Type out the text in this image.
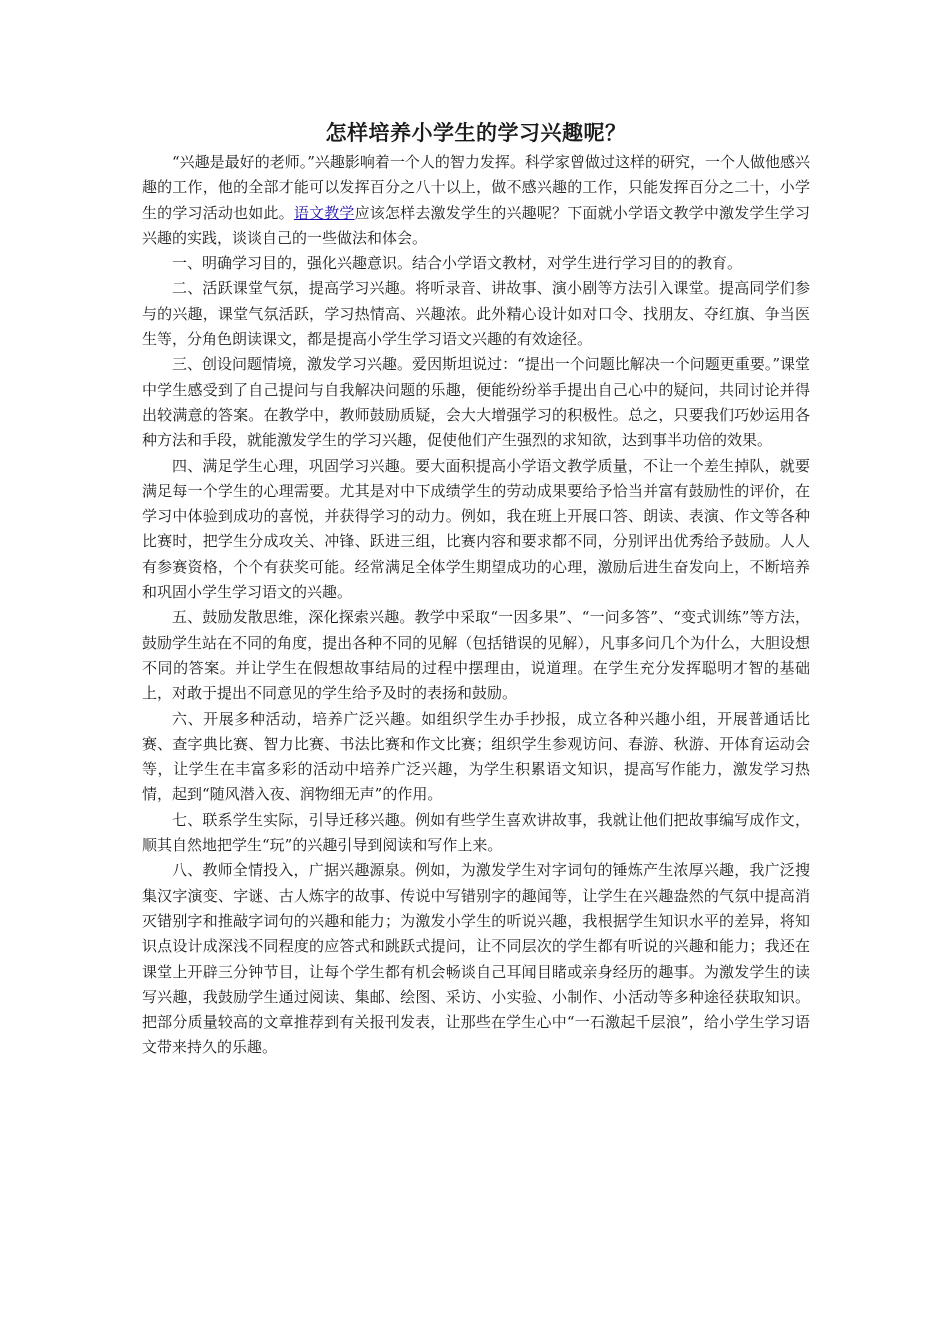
怎样培养小学生的学习兴趣呢？

“兴趣是最好的老师。”兴趣影响着一个人的智力发挥。科学家曾做过这样的研究，一个人做他感兴趣的工作，他的全部才能可以发挥百分之八十以上，做不感兴趣的工作，只能发挥百分之二十，小学生的学习活动也如此。语文教学应该怎样去激发学生的兴趣呢？下面就小学语文教学中激发学生学习兴趣的实践，谈谈自己的一些做法和体会。

一、明确学习目的，强化兴趣意识。结合小学语文教材，对学生进行学习目的的教育。

二、活跃课堂气氛，提高学习兴趣。将听录音、讲故事、演小剧等方法引入课堂。提高同学们参与的兴趣，课堂气氛活跃，学习热情高、兴趣浓。此外精心设计如对口令、找朋友、夺红旗、争当医生等，分角色朗读课文，都是提高小学生学习语文兴趣的有效途径。

三、创设问题情境，激发学习兴趣。爱因斯坦说过：“提出一个问题比解决一个问题更重要。”课堂中学生感受到了自己提问与自我解决问题的乐趣，便能纷纷举手提出自己心中的疑问，共同讨论并得出较满意的答案。在教学中，教师鼓励质疑，会大大增强学习的积极性。总之，只要我们巧妙运用各种方法和手段，就能激发学生的学习兴趣，促使他们产生强烈的求知欲，达到事半功倍的效果。

四、满足学生心理，巩固学习兴趣。要大面积提高小学语文教学质量，不让一个差生掉队，就要满足每一个学生的心理需要。尤其是对中下成绩学生的劳动成果要给予恰当并富有鼓励性的评价，在学习中体验到成功的喜悦，并获得学习的动力。例如，我在班上开展口答、朗读、表演、作文等各种比赛时，把学生分成攻关、冲锋、跃进三组，比赛内容和要求都不同，分别评出优秀给予鼓励。人人有参赛资格，个个有获奖可能。经常满足全体学生期望成功的心理，激励后进生奋发向上，不断培养和巩固小学生学习语文的兴趣。

五、鼓励发散思维，深化探索兴趣。教学中采取“一因多果”、“一问多答”、“变式训练”等方法，鼓励学生站在不同的角度，提出各种不同的见解（包括错误的见解），凡事多问几个为什么，大胆设想不同的答案。并让学生在假想故事结局的过程中摆理由，说道理。在学生充分发挥聪明才智的基础上，对敢于提出不同意见的学生给予及时的表扬和鼓励。

六、开展多种活动，培养广泛兴趣。如组织学生办手抄报，成立各种兴趣小组，开展普通话比赛、查字典比赛、智力比赛、书法比赛和作文比赛；组织学生参观访问、春游、秋游、开体育运动会等，让学生在丰富多彩的活动中培养广泛兴趣，为学生积累语文知识，提高写作能力，激发学习热情，起到“随风潜入夜、润物细无声”的作用。

七、联系学生实际，引导迁移兴趣。例如有些学生喜欢讲故事，我就让他们把故事编写成作文，顺其自然地把学生“玩”的兴趣引导到阅读和写作上来。

八、教师全情投入，广据兴趣源泉。例如，为激发学生对字词句的锤炼产生浓厚兴趣，我广泛搜集汉字演变、字谜、古人炼字的故事、传说中写错别字的趣闻等，让学生在兴趣盎然的气氛中提高消灭错别字和推敲字词句的兴趣和能力；为激发小学生的听说兴趣，我根据学生知识水平的差异，将知识点设计成深浅不同程度的应答式和跳跃式提问，让不同层次的学生都有听说的兴趣和能力；我还在课堂上开辟三分钟节目，让每个学生都有机会畅谈自己耳闻目睹或亲身经历的趣事。为激发学生的读写兴趣，我鼓励学生通过阅读、集邮、绘图、采访、小实验、小制作、小活动等多种途径获取知识。把部分质量较高的文章推荐到有关报刊发表，让那些在学生心中“一石激起千层浪”，给小学生学习语文带来持久的乐趣。
